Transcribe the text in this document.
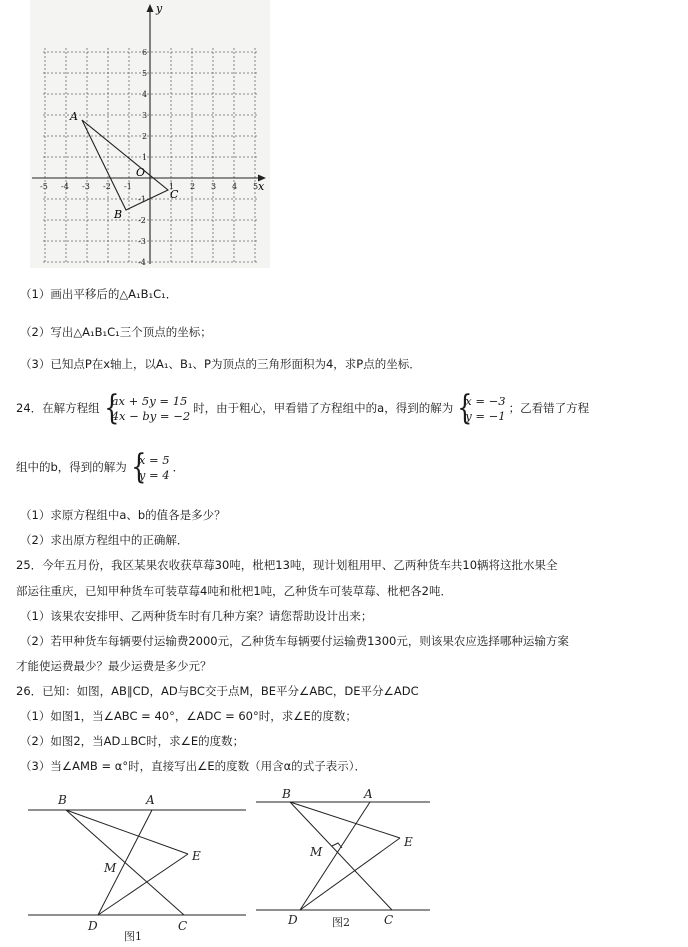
x
y
O
-5 -4 -3 -2 -1	1 2 3 4 5
6
5
4
3
2
1
-1
-2
-3
-4
A
B
C
（1）画出平移后的△A₁B₁C₁．
（2）写出△A₁B₁C₁三个顶点的坐标；
（3）已知点P在x轴上，以A₁、B₁、P为顶点的三角形面积为4，求P点的坐标．
24．在解方程组
{ ax + 5y = 15
4x − by = −2
时，由于粗心，甲看错了方程组中的a，得到的解为
{ x = −3
y = −1
；乙看错了方程
组中的b，得到的解为
{ x = 5
y = 4
．
（1）求原方程组中a、b的值各是多少？
（2）求出原方程组中的正确解．
25．今年五月份，我区某果农收获草莓30吨，枇杷13吨，现计划租用甲、乙两种货车共10辆将这批水果全
部运往重庆，已知甲种货车可装草莓4吨和枇杷1吨，乙种货车可装草莓、枇杷各2吨．
（1）该果农安排甲、乙两种货车时有几种方案？请您帮助设计出来；
（2）若甲种货车每辆要付运输费2000元，乙种货车每辆要付运输费1300元，则该果农应选择哪种运输方案
才能使运费最少？最少运费是多少元？
26．已知：如图，AB∥CD，AD与BC交于点M，BE平分∠ABC，DE平分∠ADC
（1）如图1，当∠ABC = 40°，∠ADC = 60°时，求∠E的度数；
（2）如图2，当AD⊥BC时，求∠E的度数；
（3）当∠AMB = α°时，直接写出∠E的度数（用含α的式子表示）．
B	A
M
E
D	C
图1
B	A
M
E
D	C
图2
